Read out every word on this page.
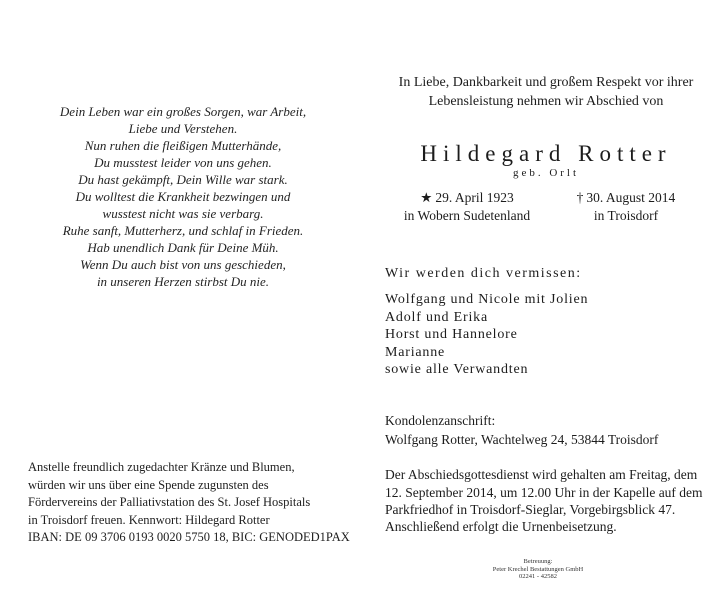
Dein Leben war ein großes Sorgen, war Arbeit,
Liebe und Verstehen.
Nun ruhen die fleißigen Mutterhände,
Du musstest leider von uns gehen.
Du hast gekämpft, Dein Wille war stark.
Du wolltest die Krankheit bezwingen und
wusstest nicht was sie verbarg.
Ruhe sanft, Mutterherz, und schlaf in Frieden.
Hab unendlich Dank für Deine Müh.
Wenn Du auch bist von uns geschieden,
in unseren Herzen stirbst Du nie.
Anstelle freundlich zugedachter Kränze und Blumen,
würden wir uns über eine Spende zugunsten des
Fördervereins der Palliativstation des St. Josef Hospitals
in Troisdorf freuen. Kennwort: Hildegard Rotter
IBAN: DE 09 3706 0193 0020 5750 18, BIC: GENODED1PAX
In Liebe, Dankbarkeit und großem Respekt vor ihrer
Lebensleistung nehmen wir Abschied von
Hildegard Rotter
geb. Orlt
★ 29. April 1923
in Wobern Sudetenland
† 30. August 2014
in Troisdorf
Wir werden dich vermissen:
Wolfgang und Nicole mit Jolien
Adolf und Erika
Horst und Hannelore
Marianne
sowie alle Verwandten
Kondolenzanschrift:
Wolfgang Rotter, Wachtelweg 24, 53844 Troisdorf
Der Abschiedsgottesdienst wird gehalten am Freitag, dem
12. September 2014, um 12.00 Uhr in der Kapelle auf dem
Parkfriedhof in Troisdorf-Sieglar, Vorgebirgsblick 47.
Anschließend erfolgt die Urnenbeisetzung.
Betreuung:
Peter Krechel Bestattungen GmbH
02241 - 42582
